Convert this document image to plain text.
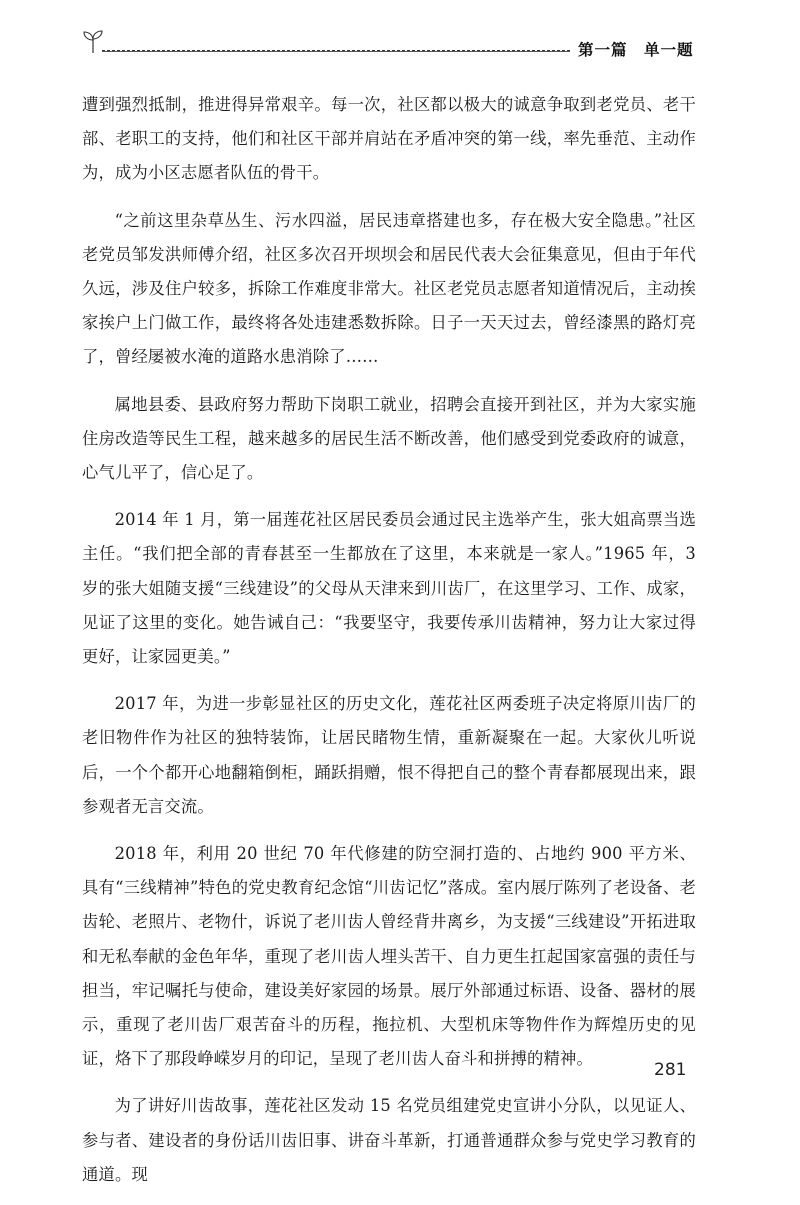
第一篇　单一题

遭到强烈抵制，推进得异常艰辛。每一次，社区都以极大的诚意争取到老党员、老干部、老职工的支持，他们和社区干部并肩站在矛盾冲突的第一线，率先垂范、主动作为，成为小区志愿者队伍的骨干。

“之前这里杂草丛生、污水四溢，居民违章搭建也多，存在极大安全隐患。”社区老党员邹发洪师傅介绍，社区多次召开坝坝会和居民代表大会征集意见，但由于年代久远，涉及住户较多，拆除工作难度非常大。社区老党员志愿者知道情况后，主动挨家挨户上门做工作，最终将各处违建悉数拆除。日子一天天过去，曾经漆黑的路灯亮了，曾经屡被水淹的道路水患消除了……

属地县委、县政府努力帮助下岗职工就业，招聘会直接开到社区，并为大家实施住房改造等民生工程，越来越多的居民生活不断改善，他们感受到党委政府的诚意，心气儿平了，信心足了。

2014 年 1 月，第一届莲花社区居民委员会通过民主选举产生，张大姐高票当选主任。“我们把全部的青春甚至一生都放在了这里，本来就是一家人。”1965 年，3 岁的张大姐随支援“三线建设”的父母从天津来到川齿厂，在这里学习、工作、成家，见证了这里的变化。她告诫自己：“我要坚守，我要传承川齿精神，努力让大家过得更好，让家园更美。”

2017 年，为进一步彰显社区的历史文化，莲花社区两委班子决定将原川齿厂的老旧物件作为社区的独特装饰，让居民睹物生情，重新凝聚在一起。大家伙儿听说后，一个个都开心地翻箱倒柜，踊跃捐赠，恨不得把自己的整个青春都展现出来，跟参观者无言交流。

2018 年，利用 20 世纪 70 年代修建的防空洞打造的、占地约 900 平方米、具有“三线精神”特色的党史教育纪念馆“川齿记忆”落成。室内展厅陈列了老设备、老齿轮、老照片、老物什，诉说了老川齿人曾经背井离乡，为支援“三线建设”开拓进取和无私奉献的金色年华，重现了老川齿人埋头苦干、自力更生扛起国家富强的责任与担当，牢记嘱托与使命，建设美好家园的场景。展厅外部通过标语、设备、器材的展示，重现了老川齿厂艰苦奋斗的历程，拖拉机、大型机床等物件作为辉煌历史的见证，烙下了那段峥嵘岁月的印记，呈现了老川齿人奋斗和拼搏的精神。

为了讲好川齿故事，莲花社区发动 15 名党员组建党史宣讲小分队，以见证人、参与者、建设者的身份话川齿旧事、讲奋斗革新，打通普通群众参与党史学习教育的通道。现

281
